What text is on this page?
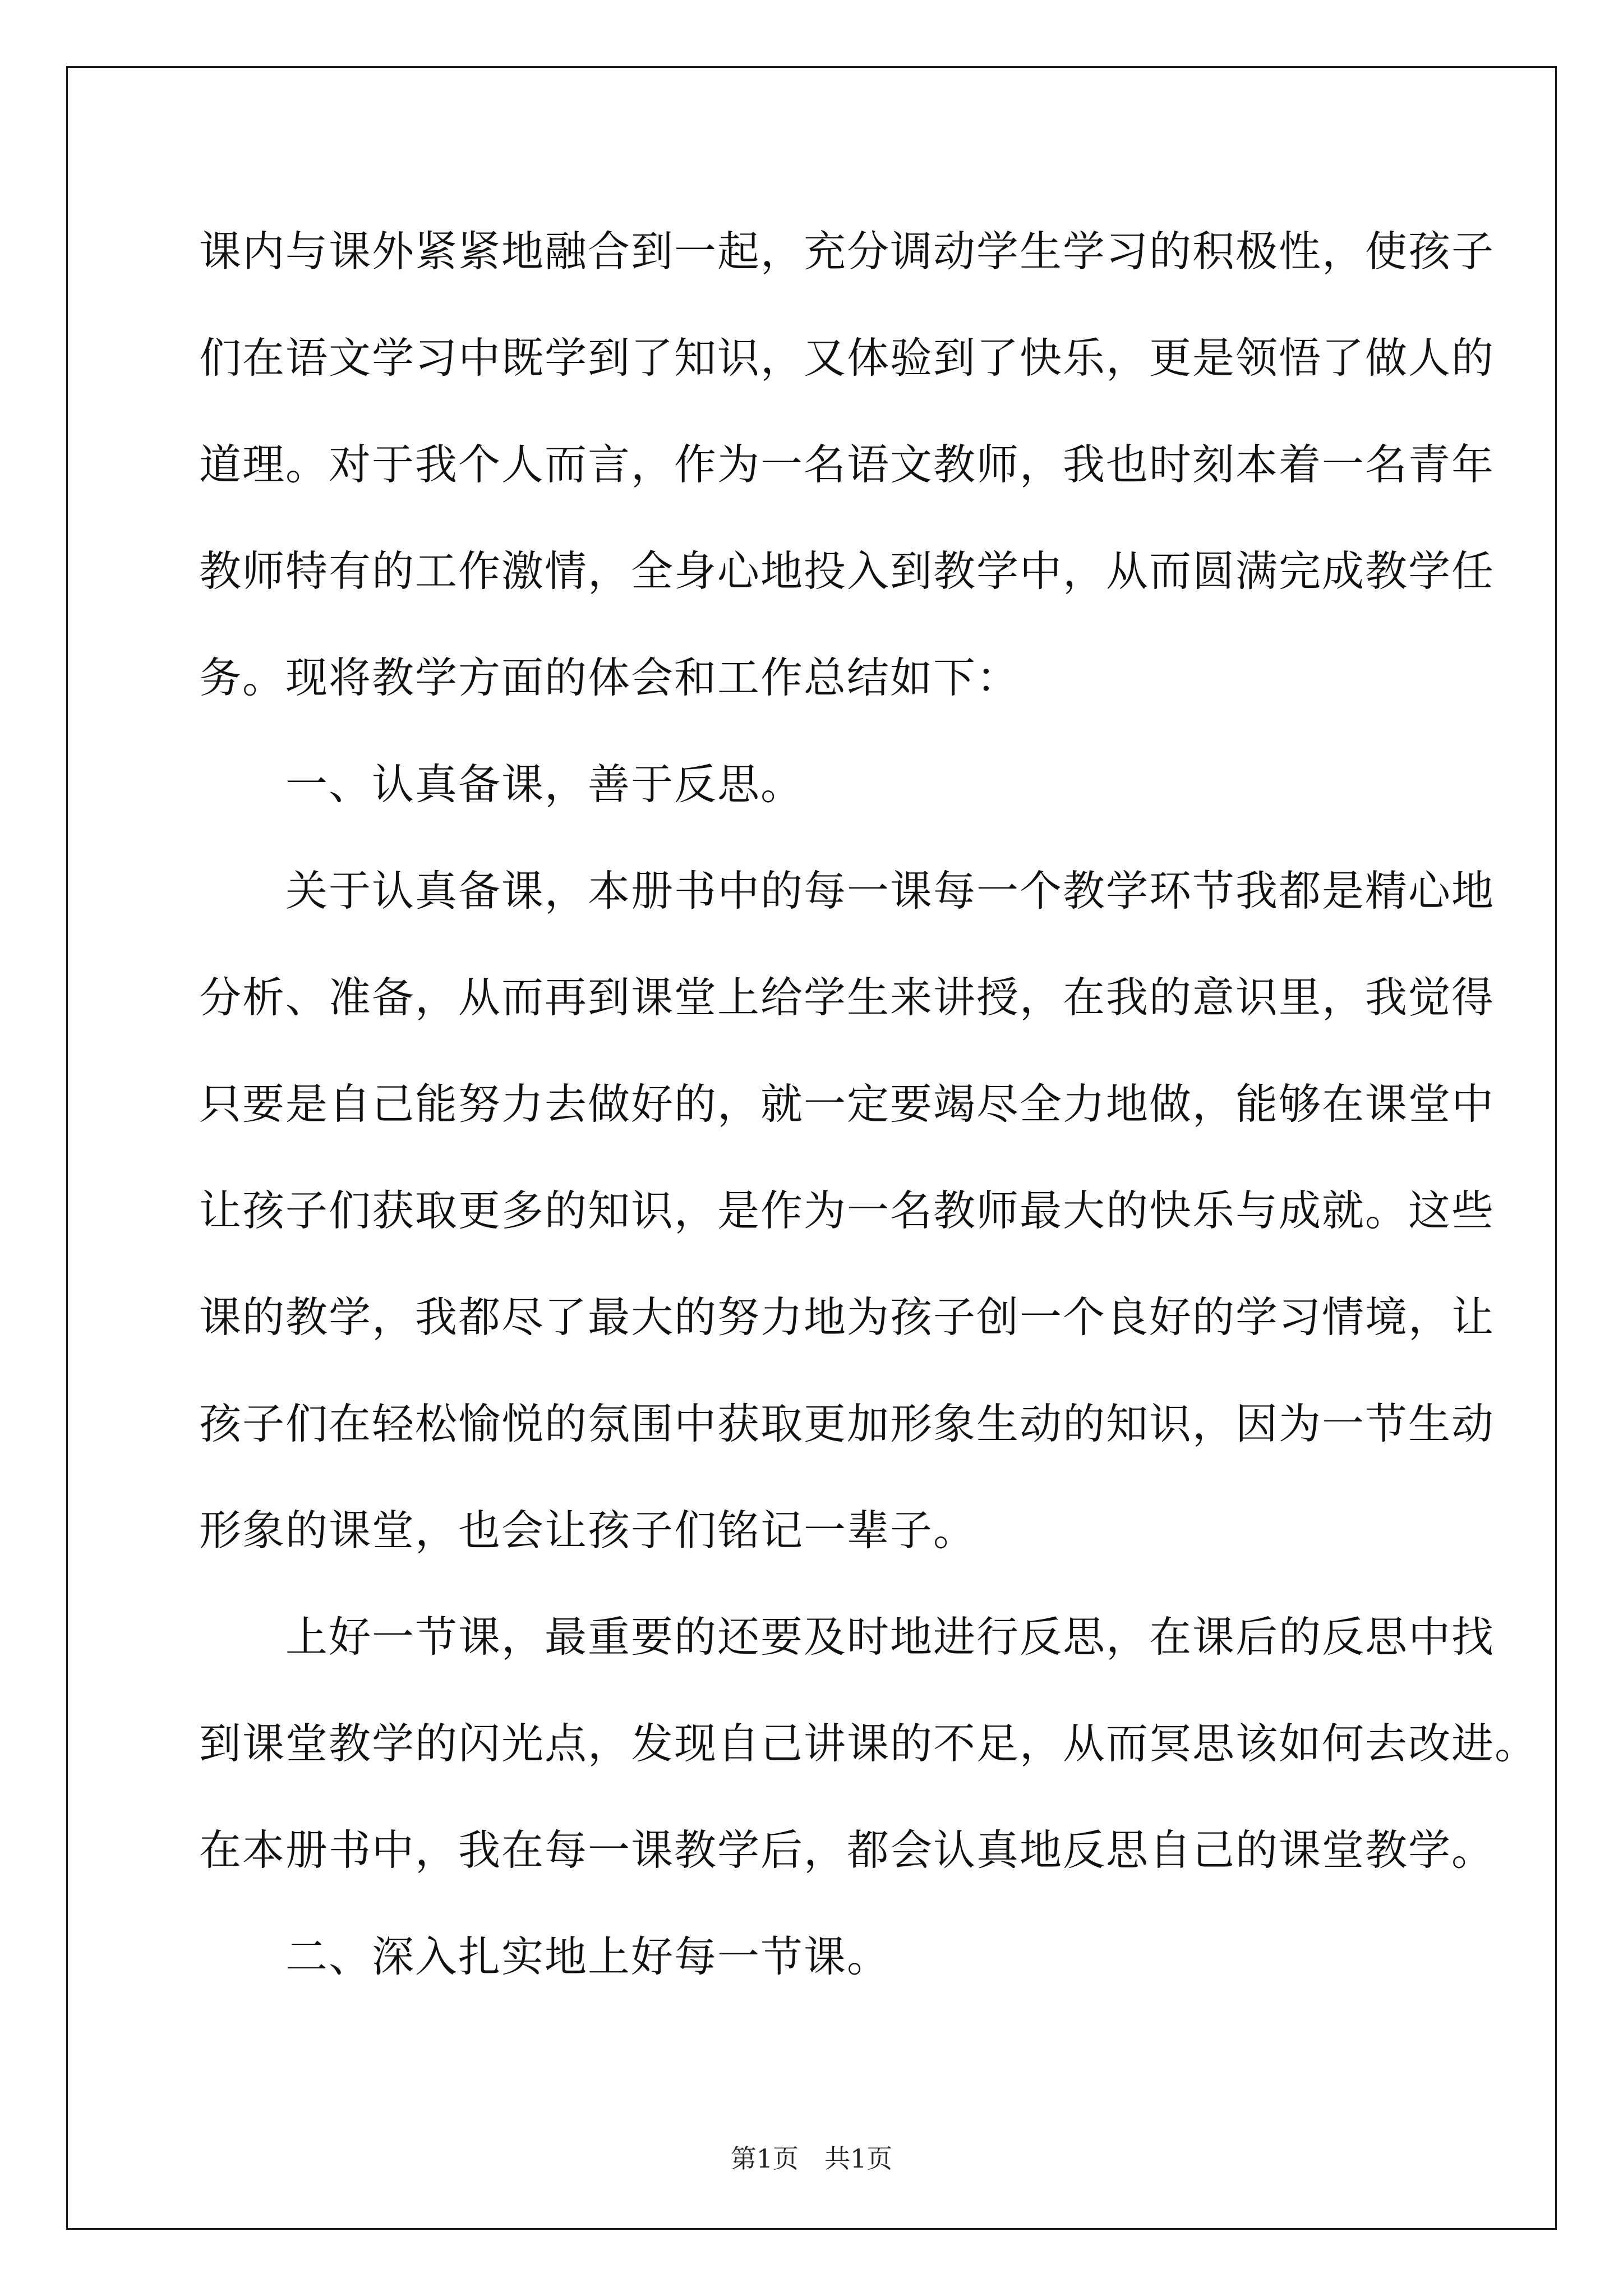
课内与课外紧紧地融合到一起，充分调动学生学习的积极性，使孩子
们在语文学习中既学到了知识，又体验到了快乐，更是领悟了做人的
道理。对于我个人而言，作为一名语文教师，我也时刻本着一名青年
教师特有的工作激情，全身心地投入到教学中，从而圆满完成教学任
务。现将教学方面的体会和工作总结如下：
　　一、认真备课，善于反思。
　　关于认真备课，本册书中的每一课每一个教学环节我都是精心地
分析、准备，从而再到课堂上给学生来讲授，在我的意识里，我觉得
只要是自己能努力去做好的，就一定要竭尽全力地做，能够在课堂中
让孩子们获取更多的知识，是作为一名教师最大的快乐与成就。这些
课的教学，我都尽了最大的努力地为孩子创一个良好的学习情境，让
孩子们在轻松愉悦的氛围中获取更加形象生动的知识，因为一节生动
形象的课堂，也会让孩子们铭记一辈子。
　　上好一节课，最重要的还要及时地进行反思，在课后的反思中找
到课堂教学的闪光点，发现自己讲课的不足，从而冥思该如何去改进。
在本册书中，我在每一课教学后，都会认真地反思自己的课堂教学。
　　二、深入扎实地上好每一节课。
第1页　共1页
